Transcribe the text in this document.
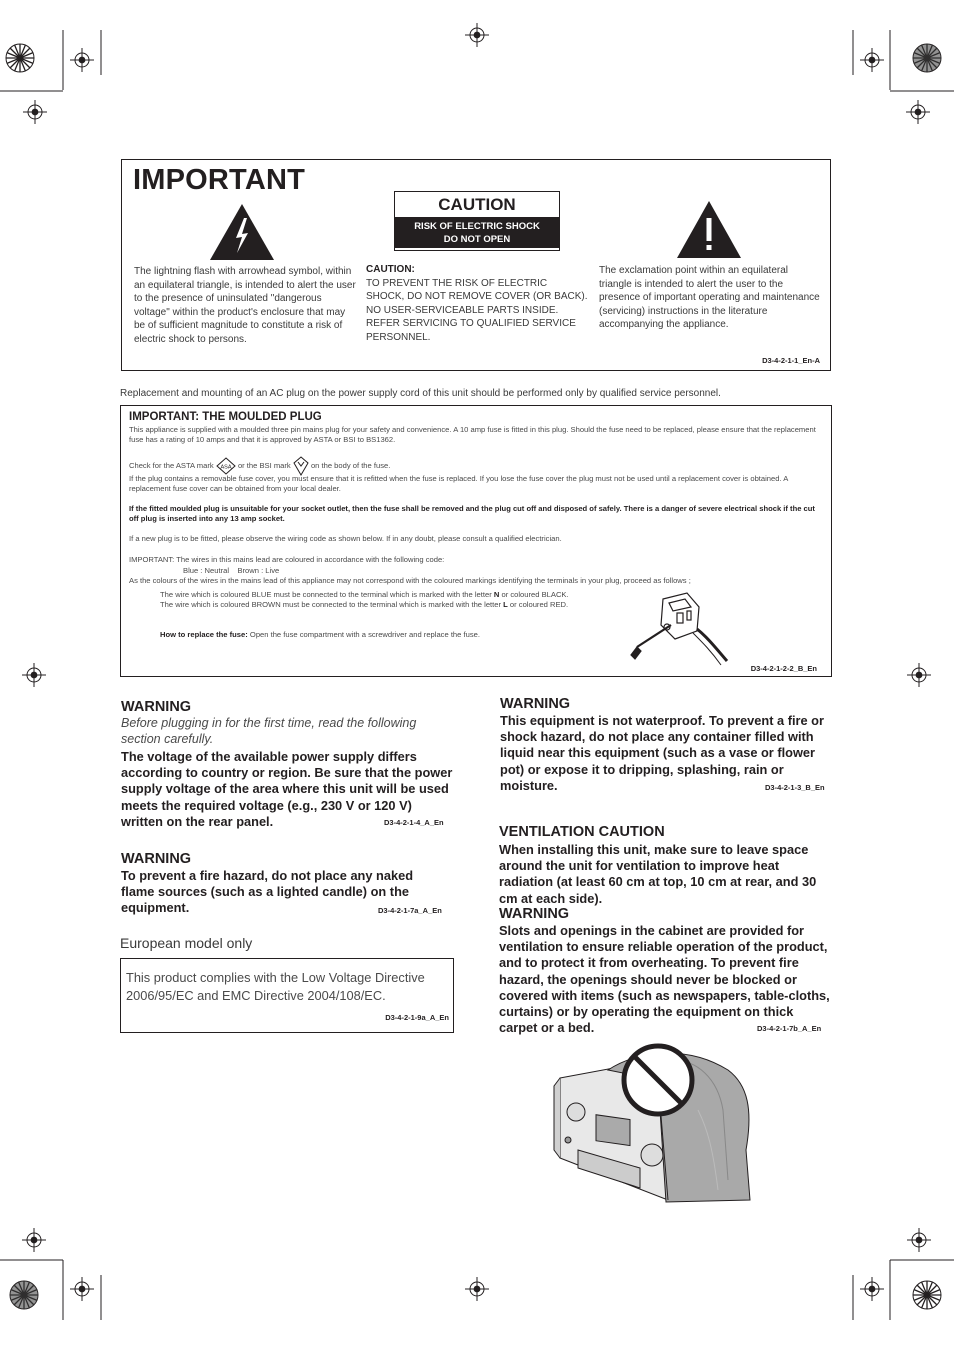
IMPORTANT
CAUTION
RISK OF ELECTRIC SHOCK
DO NOT OPEN
The lightning flash with arrowhead symbol, within an equilateral triangle, is intended to alert the user to the presence of uninsulated "dangerous voltage" within the product's enclosure that may be of sufficient magnitude to constitute a risk of electric shock to persons.
CAUTION:
TO PREVENT THE RISK OF ELECTRIC SHOCK, DO NOT REMOVE COVER (OR BACK). NO USER-SERVICEABLE PARTS INSIDE. REFER SERVICING TO QUALIFIED SERVICE PERSONNEL.
The exclamation point within an equilateral triangle is intended to alert the user to the presence of important operating and maintenance (servicing) instructions in the literature accompanying the appliance.
D3-4-2-1-1_En-A
Replacement and mounting of an AC plug on the power supply cord of this unit should be performed only by qualified service personnel.
IMPORTANT: THE MOULDED PLUG
This appliance is supplied with a moulded three pin mains plug for your safety and convenience. A 10 amp fuse is fitted in this plug. Should the fuse need to be replaced, please ensure that the replacement fuse has a rating of 10 amps and that it is approved by ASTA or BSI to BS1362.
Check for the ASTA mark ASA or the BSI mark	on the body of the fuse.
If the plug contains a removable fuse cover, you must ensure that it is refitted when the fuse is replaced. If you lose the fuse cover the plug must not be used until a replacement cover is obtained. A replacement fuse cover can be obtained from your local dealer.
If the fitted moulded plug is unsuitable for your socket outlet, then the fuse shall be removed and the plug cut off and disposed of safely. There is a danger of severe electrical shock if the cut off plug is inserted into any 13 amp socket.
If a new plug is to be fitted, please observe the wiring code as shown below. If in any doubt, please consult a qualified electrician.
IMPORTANT: The wires in this mains lead are coloured in accordance with the following code:
Blue : Neutral    Brown : Live
As the colours of the wires in the mains lead of this appliance may not correspond with the coloured markings identifying the terminals in your plug, proceed as follows ;
The wire which is coloured BLUE must be connected to the terminal which is marked with the letter N or coloured BLACK.
The wire which is coloured BROWN must be connected to the terminal which is marked with the letter L or coloured RED.
How to replace the fuse: Open the fuse compartment with a screwdriver and replace the fuse.
D3-4-2-1-2-2_B_En
WARNING
Before plugging in for the first time, read the following section carefully.
The voltage of the available power supply differs according to country or region. Be sure that the power supply voltage of the area where this unit will be used meets the required voltage (e.g., 230 V or 120 V) written on the rear panel.	D3-4-2-1-4_A_En
WARNING
To prevent a fire hazard, do not place any naked flame sources (such as a lighted candle) on the equipment.	D3-4-2-1-7a_A_En
European model only
This product complies with the Low Voltage Directive 2006/95/EC and EMC Directive 2004/108/EC.
D3-4-2-1-9a_A_En
WARNING
This equipment is not waterproof. To prevent a fire or shock hazard, do not place any container filled with liquid near this equipment (such as a vase or flower pot) or expose it to dripping, splashing, rain or moisture.	D3-4-2-1-3_B_En
VENTILATION CAUTION
When installing this unit, make sure to leave space around the unit for ventilation to improve heat radiation (at least 60 cm at top, 10 cm at rear, and 30 cm at each side).
WARNING
Slots and openings in the cabinet are provided for ventilation to ensure reliable operation of the product, and to protect it from overheating. To prevent fire hazard, the openings should never be blocked or covered with items (such as newspapers, table-cloths, curtains) or by operating the equipment on thick carpet or a bed.	D3-4-2-1-7b_A_En
